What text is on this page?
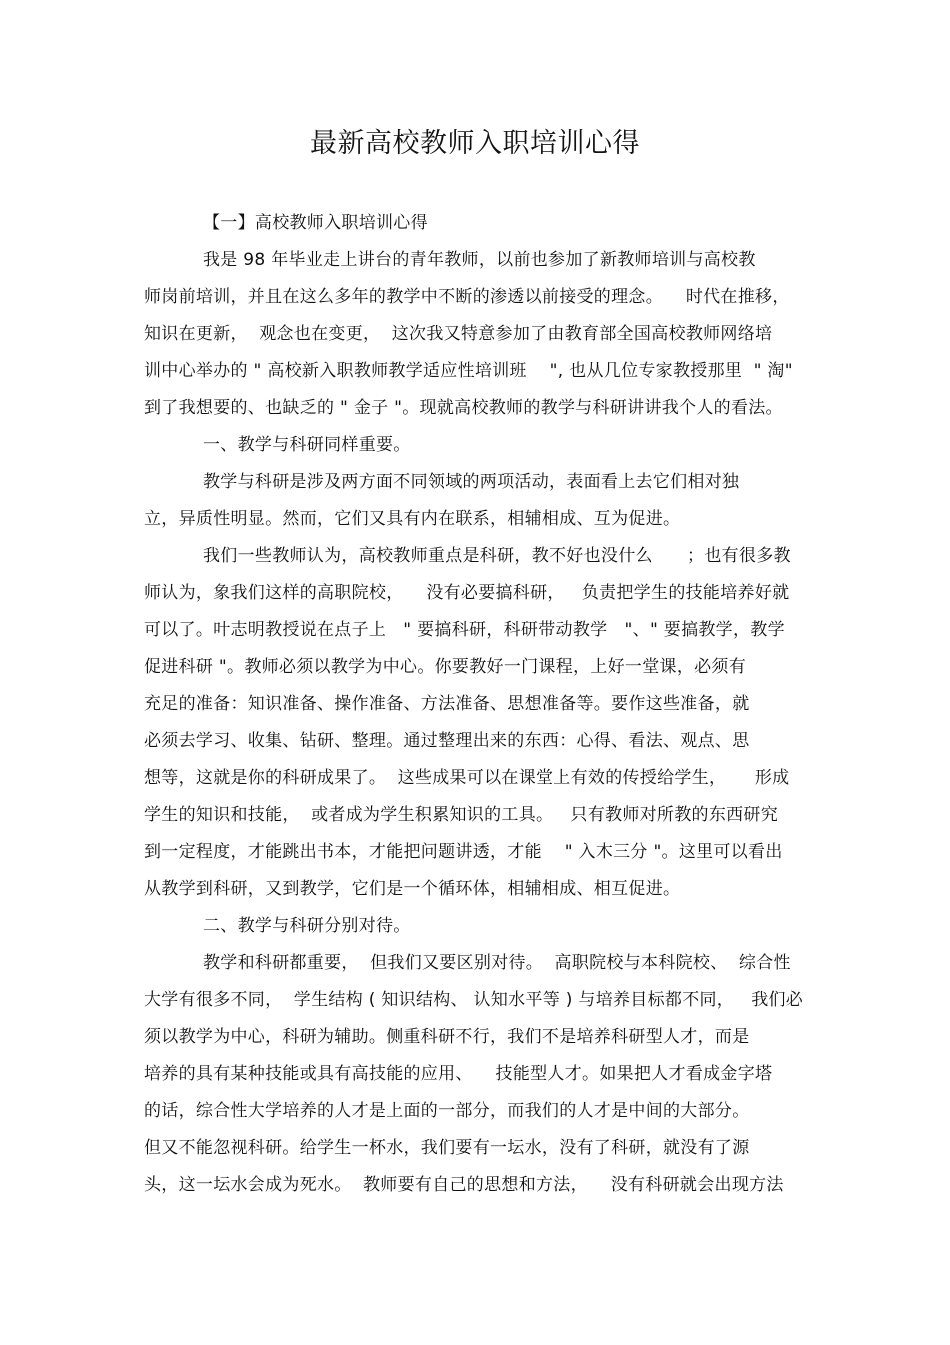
最新高校教师入职培训心得
【一】高校教师入职培训心得
我是 98 年毕业走上讲台的青年教师，以前也参加了新教师培训与高校教
师岗前培训，并且在这么多年的教学中不断的渗透以前接受的理念。    时代在推移，
知识在更新，  观念也在变更，  这次我又特意参加了由教育部全国高校教师网络培
训中心举办的 " 高校新入职教师教学适应性培训班    ", 也从几位专家教授那里  " 淘"
到了我想要的、也缺乏的 " 金子 "。现就高校教师的教学与科研讲讲我个人的看法。
一、教学与科研同样重要。
教学与科研是涉及两方面不同领域的两项活动，表面看上去它们相对独
立，异质性明显。然而，它们又具有内在联系，相辅相成、互为促进。
我们一些教师认为，高校教师重点是科研，教不好也没什么      ；也有很多教
师认为，象我们这样的高职院校，    没有必要搞科研，   负责把学生的技能培养好就
可以了。叶志明教授说在点子上   " 要搞科研，科研带动教学   "、" 要搞教学，教学
促进科研 "。教师必须以教学为中心。你要教好一门课程，上好一堂课，必须有
充足的准备：知识准备、操作准备、方法准备、思想准备等。要作这些准备，就
必须去学习、收集、钻研、整理。通过整理出来的东西：心得、看法、观点、思
想等，这就是你的科研成果了。  这些成果可以在课堂上有效的传授给学生，     形成
学生的知识和技能，  或者成为学生积累知识的工具。   只有教师对所教的东西研究
到一定程度，才能跳出书本，才能把问题讲透，才能    " 入木三分 "。这里可以看出
从教学到科研，又到教学，它们是一个循环体，相辅相成、相互促进。
二、教学与科研分别对待。
教学和科研都重要，  但我们又要区别对待。  高职院校与本科院校、  综合性
大学有很多不同，  学生结构 ( 知识结构、 认知水平等 ) 与培养目标都不同，   我们必
须以教学为中心，科研为辅助。侧重科研不行，我们不是培养科研型人才，而是
培养的具有某种技能或具有高技能的应用、    技能型人才。如果把人才看成金字塔
的话，综合性大学培养的人才是上面的一部分，而我们的人才是中间的大部分。
但又不能忽视科研。给学生一杯水，我们要有一坛水，没有了科研，就没有了源
头，这一坛水会成为死水。  教师要有自己的思想和方法，    没有科研就会出现方法
